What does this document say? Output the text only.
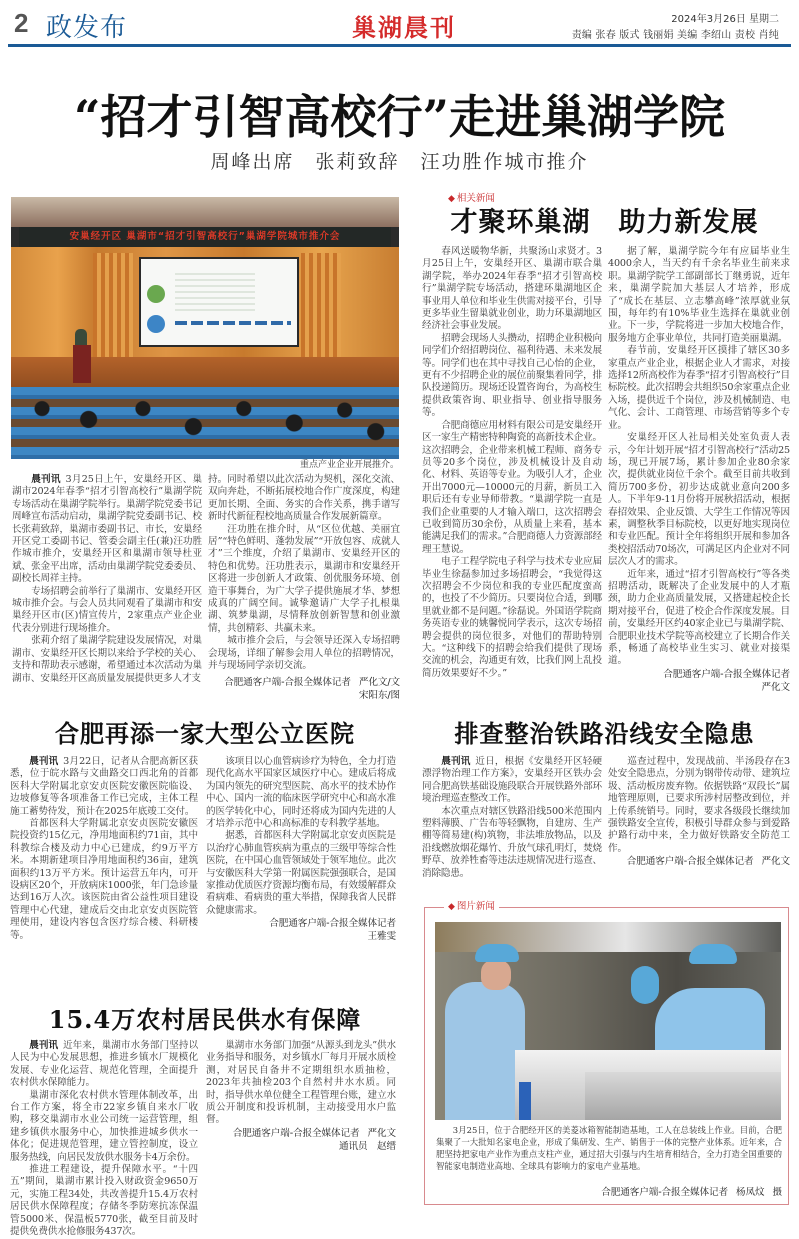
2 政发布	巢湖晨刊	2024年3月26日 星期二
责编 张春 版式 钱丽娟 美编 李绍山 责校 肖纯
“招才引智高校行”走进巢湖学院
周峰出席　张莉致辞　汪功胜作城市推介
安巢经开区 巢湖市“招才引智高校行”巢湖学院城市推介会
重点产业企业开展推介。

晨刊讯 3月25日上午，安巢经开区、巢湖市2024年春季“招才引智高校行”巢湖学院专场活动在巢湖学院举行。巢湖学院党委书记周峰宣布活动启动，巢湖学院党委副书记、校长张莉致辞，巢湖市委副书记、市长，安巢经开区党工委副书记、管委会副主任(兼)汪功胜作城市推介，安巢经开区和巢湖市领导杜亚斌、张金平出席，活动由巢湖学院党委委员、副校长周祥主持。

专场招聘会前举行了巢湖市、安巢经开区城市推介会。与会人员共同观看了巢湖市和安巢经开区市(区)情宣传片，2家重点产业企业代表分别进行现场推介。

张莉介绍了巢湖学院建设发展情况，对巢湖市、安巢经开区长期以来给予学校的关心、支持和帮助表示感谢，希望通过本次活动为巢湖市、安巢经开区高质量发展提供更多人才支

持。同时希望以此次活动为契机，深化交流、双向奔赴，不断拓展校地合作广度深度，构建更加长期、全面、务实的合作关系，携手谱写新时代新征程校地高质量合作发展新篇章。

汪功胜在推介时，从“区位优越、美丽宜居”“特色鲜明、蓬勃发展”“开放包容、成就人才”三个维度，介绍了巢湖市、安巢经开区的特色和优势。汪功胜表示，巢湖市和安巢经开区将进一步创新人才政策、创优服务环境、创造干事舞台，为广大学子提供施展才华、梦想成真的广阔空间。诚挚邀请广大学子扎根巢湖、筑梦巢湖，尽情释放创新智慧和创业激情，共创精彩、共赢未来。

城市推介会后，与会领导还深入专场招聘会现场，详细了解参会用人单位的招聘情况，并与现场同学亲切交流。

合肥通客户端-合报全媒体记者 严化文/文
宋阳东/图
◆ 相关新闻
才聚环巢湖　助力新发展

春风送暖物华新，共聚汤山求贤才。3月25日上午，安巢经开区、巢湖市联合巢湖学院，举办2024年春季“招才引智高校行”巢湖学院专场活动，搭建环巢湖地区企事业用人单位和毕业生供需对接平台，引导更多毕业生留巢就业创业，助力环巢湖地区经济社会事业发展。

招聘会现场人头攒动，招聘企业积极向同学们介绍招聘岗位、福利待遇、未来发展等。同学们也在其中寻找自己心怡的企业，更有不少招聘企业的展位前聚集着同学，排队投递简历。现场还设置咨询台，为高校生提供政策咨询、职业指导、创业指导服务等。

合肥商德应用材料有限公司是安巢经开区一家生产精密特种陶瓷的高新技术企业。这次招聘会，企业带来机械工程师、商务专员等20多个岗位，涉及机械设计及自动化、材料、英语等专业。为吸引人才，企业开出7000元—10000元的月薪，新员工入职后还有专业导师带教。“巢湖学院一直是我们企业重要的人才输入端口，这次招聘会已收到简历30余份，从质量上来看，基本能满足我们的需求。”合肥商德人力资源部经理王慧说。

电子工程学院电子科学与技术专业应届毕业生徐磊参加过多场招聘会，“我觉得这次招聘会不少岗位和我的专业匹配度蛮高的，也投了不少简历。只要岗位合适，到哪里就业都不是问题。”徐磊说。外国语学院商务英语专业的姚馨悦同学表示，这次专场招聘会提供的岗位很多，对他们的帮助特别大。“这种线下的招聘会给我们提供了现场交流的机会，沟通更有效，比我们网上乱投简历效果要好不少。”

据了解，巢湖学院今年有应届毕业生4000余人，当天约有千余名毕业生前来求职。巢湖学院学工部副部长丁继勇说，近年来，巢湖学院加大基层人才培养，形成了“成长在基层、立志攀高峰”浓厚就业氛围，每年约有10%毕业生选择在巢就业创业。下一步，学院将进一步加大校地合作，服务地方企事业单位，共同打造美丽巢湖。

春节前，安巢经开区摸排了辖区30多家重点产业企业，根据企业人才需求，对接选择12所高校作为春季“招才引智高校行”目标院校。此次招聘会共组织50余家重点企业入场，提供近千个岗位，涉及机械制造、电气化、会计、工商管理、市场营销等多个专业。

安巢经开区人社局相关处室负责人表示，今年计划开展“招才引智高校行”活动25场，现已开展7场，累计参加企业80余家次，提供就业岗位千余个。截至目前共收到简历700多份，初步达成就业意向200多人。下半年9-11月份将开展秋招活动，根据春招效果、企业反馈、大学生工作情况等因素，调整秋季目标院校，以更好地实现岗位和专业匹配。预计全年将组织开展和参加各类校招活动70场次，可满足区内企业对不同层次人才的需求。

近年来，通过“招才引智高校行”等各类招聘活动，既解决了企业发展中的人才瓶颈，助力企业高质量发展，又搭建起校企长期对接平台，促进了校企合作深度发展。目前，安巢经开区约40家企业已与巢湖学院、合肥职业技术学院等高校建立了长期合作关系，畅通了高校毕业生实习、就业对接渠道。

合肥通客户端-合报全媒体记者
严化文
合肥再添一家大型公立医院

晨刊讯 3月22日，记者从合肥高新区获悉，位于皖水路与文曲路交口西北角的首都医科大学附属北京安贞医院安徽医院临设、边坡修复等各项准备工作已完成，主体工程施工蓄势待发，预计在2025年底竣工交付。

首都医科大学附属北京安贞医院安徽医院投资约15亿元，净用地面积约71亩，其中科教综合楼及动力中心已建成，约9万平方米。本期新建项目净用地面积约36亩，建筑面积约13万平方米。预计运营五年内，可开设病区20个，开放病床1000张，年门急诊量达到16万人次。该医院由省公益性项目建设管理中心代建，建成后交由北京安贞医院管理使用，建设内容包含医疗综合楼、科研楼等。

该项目以心血管病诊疗为特色，全力打造现代化高水平国家区域医疗中心。建成后将成为国内领先的研究型医院、高水平的技术协作中心、国内一流的临床医学研究中心和高水准的医学转化中心，同时还将成为国内先进的人才培养示范中心和高标准的专科教学基地。

据悉，首都医科大学附属北京安贞医院是以治疗心肺血管疾病为重点的三级甲等综合性医院，在中国心血管领域处于领军地位。此次与安徽医科大学第一附属医院强强联合，是国家推动优质医疗资源均衡布局，有效缓解群众看病难、看病贵的重大举措，保障我省人民群众健康需求。

合肥通客户端-合报全媒体记者
王雅雯
排查整治铁路沿线安全隐患

晨刊讯 近日，根据《安巢经开区轻硬漂浮物治理工作方案》，安巢经开区铁办会同合肥高铁基础设施段联合开展铁路外部环境治理巡查整改工作。

本次重点对辖区铁路沿线500米范围内塑料薄膜、广告布等轻飘物，自建房、生产棚等简易建(构)筑物，非法堆放物品，以及沿线燃放烟花爆竹、升放气球孔明灯，焚烧野草、放养牲畜等违法违规情况进行巡查、消除隐患。

巡查过程中，发现战前、半汤段存在3处安全隐患点，分别为钢带传动带、建筑垃圾、活动板房废弃物。依据铁路“双段长”属地管理原则，已要求所涉村居整改到位，并上传系统销号。同时，要求各级段长继续加强铁路安全宣传，积极引导群众参与到爱路护路行动中来，全力做好铁路安全防范工作。

合肥通客户端-合报全媒体记者 严化文
15.4万农村居民供水有保障

晨刊讯 近年来，巢湖市水务部门坚持以人民为中心发展思想，推进乡镇水厂规模化发展、专业化运营、规范化管理，全面提升农村供水保障能力。

巢湖市深化农村供水管理体制改革，出台工作方案，将全市22家乡镇自来水厂收购，移交巢湖市水业公司统一运营管理，组建乡镇供水服务中心，加快推进城乡供水一体化；促进规范管理，建立管控制度，设立服务热线，向居民发放供水服务卡4万余份。

推进工程建设，提升保障水平。“十四五”期间，巢湖市累计投入财政资金9650万元，实施工程34处，共改善提升15.4万农村居民供水保障程度；存储冬季防寒抗冻保温管5000米、保温板5770张，截至目前及时提供免费供水抢修服务437次。

巢湖市水务部门加强“从源头到龙头”供水业务指导和服务，对乡镇水厂每月开展水质检测，对居民自备井不定期组织水质抽检，2023年共抽检203个自然村井水水质。同时，指导供水单位健全工程管理台账，建立水质公开制度和投诉机制，主动接受用水户监督。

合肥通客户端-合报全媒体记者 严化文
通讯员　赵缙
◆ 图片新闻
3月25日，位于合肥经开区的美菱冰箱智能制造基地，工人在总装线上作业。目前，合肥集聚了一大批知名家电企业，形成了集研发、生产、销售于一体的完整产业体系。近年来，合肥坚持把家电产业作为重点支柱产业，通过招大引强与内生培育相结合，全力打造全国重要的智能家电制造业高地、全球具有影响力的家电产业基地。
合肥通客户端-合报全媒体记者 杨凤炆 摄
